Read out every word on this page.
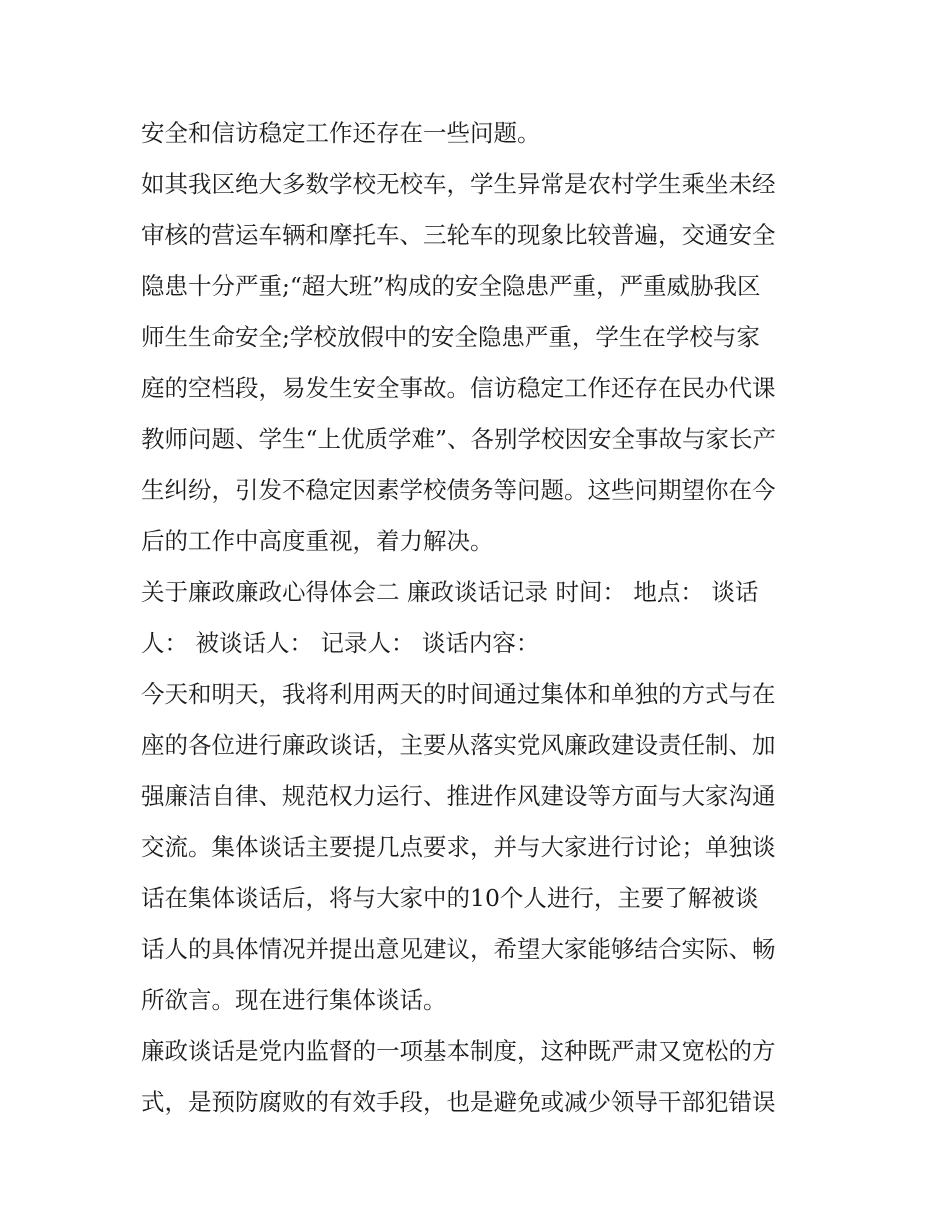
安全和信访稳定工作还存在一些问题。
如其我区绝大多数学校无校车，学生异常是农村学生乘坐未经
审核的营运车辆和摩托车、三轮车的现象比较普遍，交通安全
隐患十分严重;“超大班”构成的安全隐患严重，严重威胁我区
师生生命安全;学校放假中的安全隐患严重，学生在学校与家
庭的空档段，易发生安全事故。信访稳定工作还存在民办代课
教师问题、学生“上优质学难”、各别学校因安全事故与家长产
生纠纷，引发不稳定因素学校债务等问题。这些问期望你在今
后的工作中高度重视，着力解决。
关于廉政廉政心得体会二 廉政谈话记录 时间： 地点： 谈话
人： 被谈话人： 记录人： 谈话内容：
今天和明天，我将利用两天的时间通过集体和单独的方式与在
座的各位进行廉政谈话，主要从落实党风廉政建设责任制、加
强廉洁自律、规范权力运行、推进作风建设等方面与大家沟通
交流。集体谈话主要提几点要求，并与大家进行讨论；单独谈
话在集体谈话后，将与大家中的10个人进行，主要了解被谈
话人的具体情况并提出意见建议，希望大家能够结合实际、畅
所欲言。现在进行集体谈话。
廉政谈话是党内监督的一项基本制度，这种既严肃又宽松的方
式，是预防腐败的有效手段，也是避免或减少领导干部犯错误
